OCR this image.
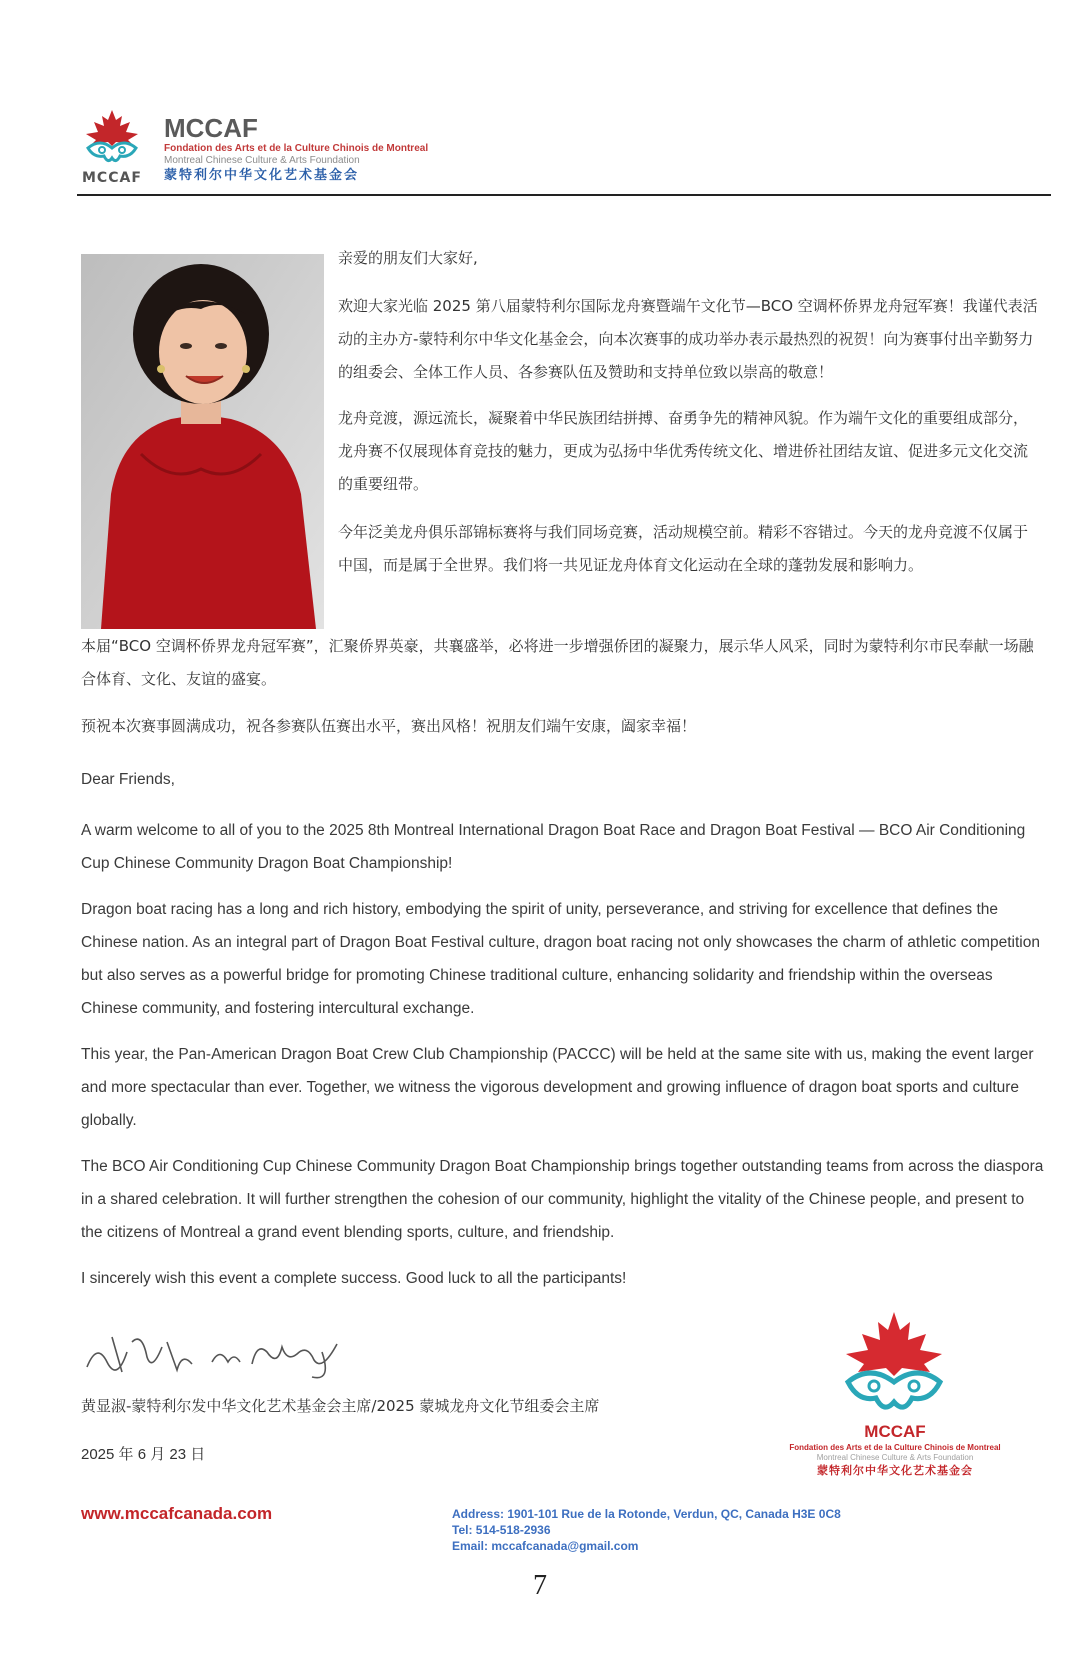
MCCAF
MCCAF
Fondation des Arts et de la Culture Chinois de Montreal
Montreal Chinese Culture & Arts Foundation
蒙特利尔中华文化艺术基金会
亲爱的朋友们大家好,
欢迎大家光临 2025 第八届蒙特利尔国际龙舟赛暨端午文化节—BCO 空调杯侨界龙舟冠军赛！我谨代表活动的主办方-蒙特利尔中华文化基金会，向本次赛事的成功举办表示最热烈的祝贺！向为赛事付出辛勤努力的组委会、全体工作人员、各参赛队伍及赞助和支持单位致以崇高的敬意！
龙舟竞渡，源远流长，凝聚着中华民族团结拼搏、奋勇争先的精神风貌。作为端午文化的重要组成部分，龙舟赛不仅展现体育竞技的魅力，更成为弘扬中华优秀传统文化、增进侨社团结友谊、促进多元文化交流的重要纽带。
今年泛美龙舟俱乐部锦标赛将与我们同场竞赛，活动规模空前。精彩不容错过。今天的龙舟竞渡不仅属于中国，而是属于全世界。我们将一共见证龙舟体育文化运动在全球的蓬勃发展和影响力。
本届“BCO 空调杯侨界龙舟冠军赛”，汇聚侨界英豪，共襄盛举，必将进一步增强侨团的凝聚力，展示华人风采，同时为蒙特利尔市民奉献一场融合体育、文化、友谊的盛宴。
预祝本次赛事圆满成功，祝各参赛队伍赛出水平，赛出风格！祝朋友们端午安康，阖家幸福！
Dear Friends,
A warm welcome to all of you to the 2025 8th Montreal International Dragon Boat Race and Dragon Boat Festival — BCO Air Conditioning Cup Chinese Community Dragon Boat Championship!
Dragon boat racing has a long and rich history, embodying the spirit of unity, perseverance, and striving for excellence that defines the Chinese nation. As an integral part of Dragon Boat Festival culture, dragon boat racing not only showcases the charm of athletic competition but also serves as a powerful bridge for promoting Chinese traditional culture, enhancing solidarity and friendship within the overseas Chinese community, and fostering intercultural exchange.
This year, the Pan-American Dragon Boat Crew Club Championship (PACCC) will be held at the same site with us, making the event larger and more spectacular than ever. Together, we witness the vigorous development and growing influence of dragon boat sports and culture globally.
The BCO Air Conditioning Cup Chinese Community Dragon Boat Championship brings together outstanding teams from across the diaspora in a shared celebration. It will further strengthen the cohesion of our community, highlight the vitality of the Chinese people, and present to the citizens of Montreal a grand event blending sports, culture, and friendship.
I sincerely wish this event a complete success. Good luck to all the participants!
黄显淑-蒙特利尔发中华文化艺术基金会主席/2025 蒙城龙舟文化节组委会主席
2025 年 6 月 23 日
MCCAF
Fondation des Arts et de la Culture Chinois de Montreal
Montreal Chinese Culture & Arts Foundation
蒙特利尔中华文化艺术基金会
www.mccafcanada.com	Address: 1901-101 Rue de la Rotonde, Verdun, QC, Canada H3E 0C8
Tel: 514-518-2936
Email: mccafcanada@gmail.com
7
